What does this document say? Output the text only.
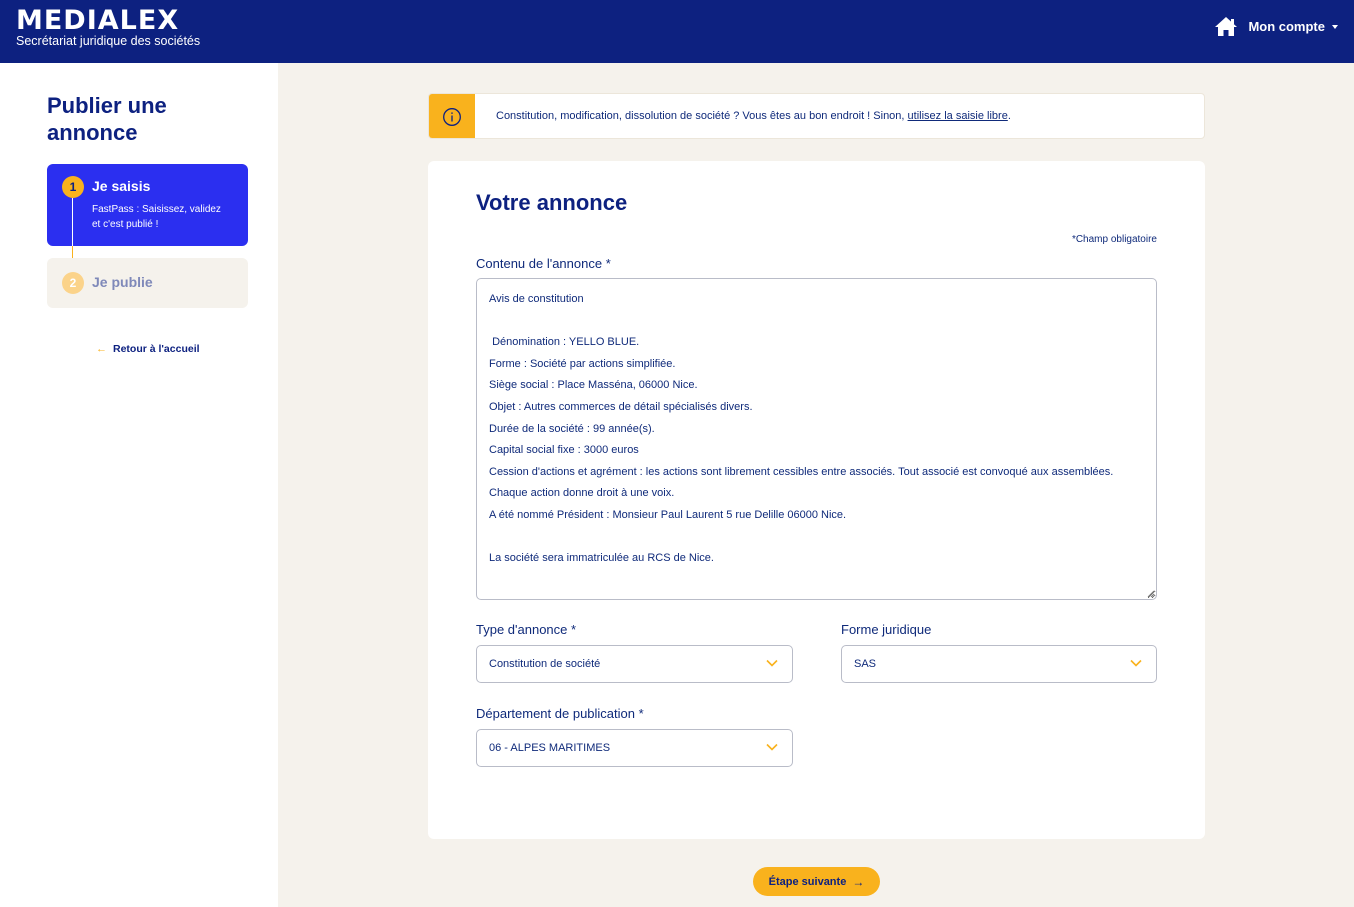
MEDIALEX
Secrétariat juridique des sociétés
Mon compte
Publier une annonce
1	Je saisis
FastPass : Saisissez, validez et c'est publié !
2	Je publie
← Retour à l'accueil
Constitution, modification, dissolution de société ? Vous êtes au bon endroit ! Sinon, utilisez la saisie libre.
Votre annonce
*Champ obligatoire
Contenu de l'annonce *
Avis de constitution

Dénomination : YELLO BLUE.
Forme : Société par actions simplifiée.
Siège social : Place Masséna, 06000 Nice.
Objet : Autres commerces de détail spécialisés divers.
Durée de la société : 99 année(s).
Capital social fixe : 3000 euros
Cession d'actions et agrément : les actions sont librement cessibles entre associés. Tout associé est convoqué aux assemblées. Chaque action donne droit à une voix.
A été nommé Président : Monsieur Paul Laurent 5 rue Delille 06000 Nice.

La société sera immatriculée au RCS de Nice.
Type d'annonce *
Constitution de société
Forme juridique
SAS
Département de publication *
06 - ALPES MARITIMES
Étape suivante →
